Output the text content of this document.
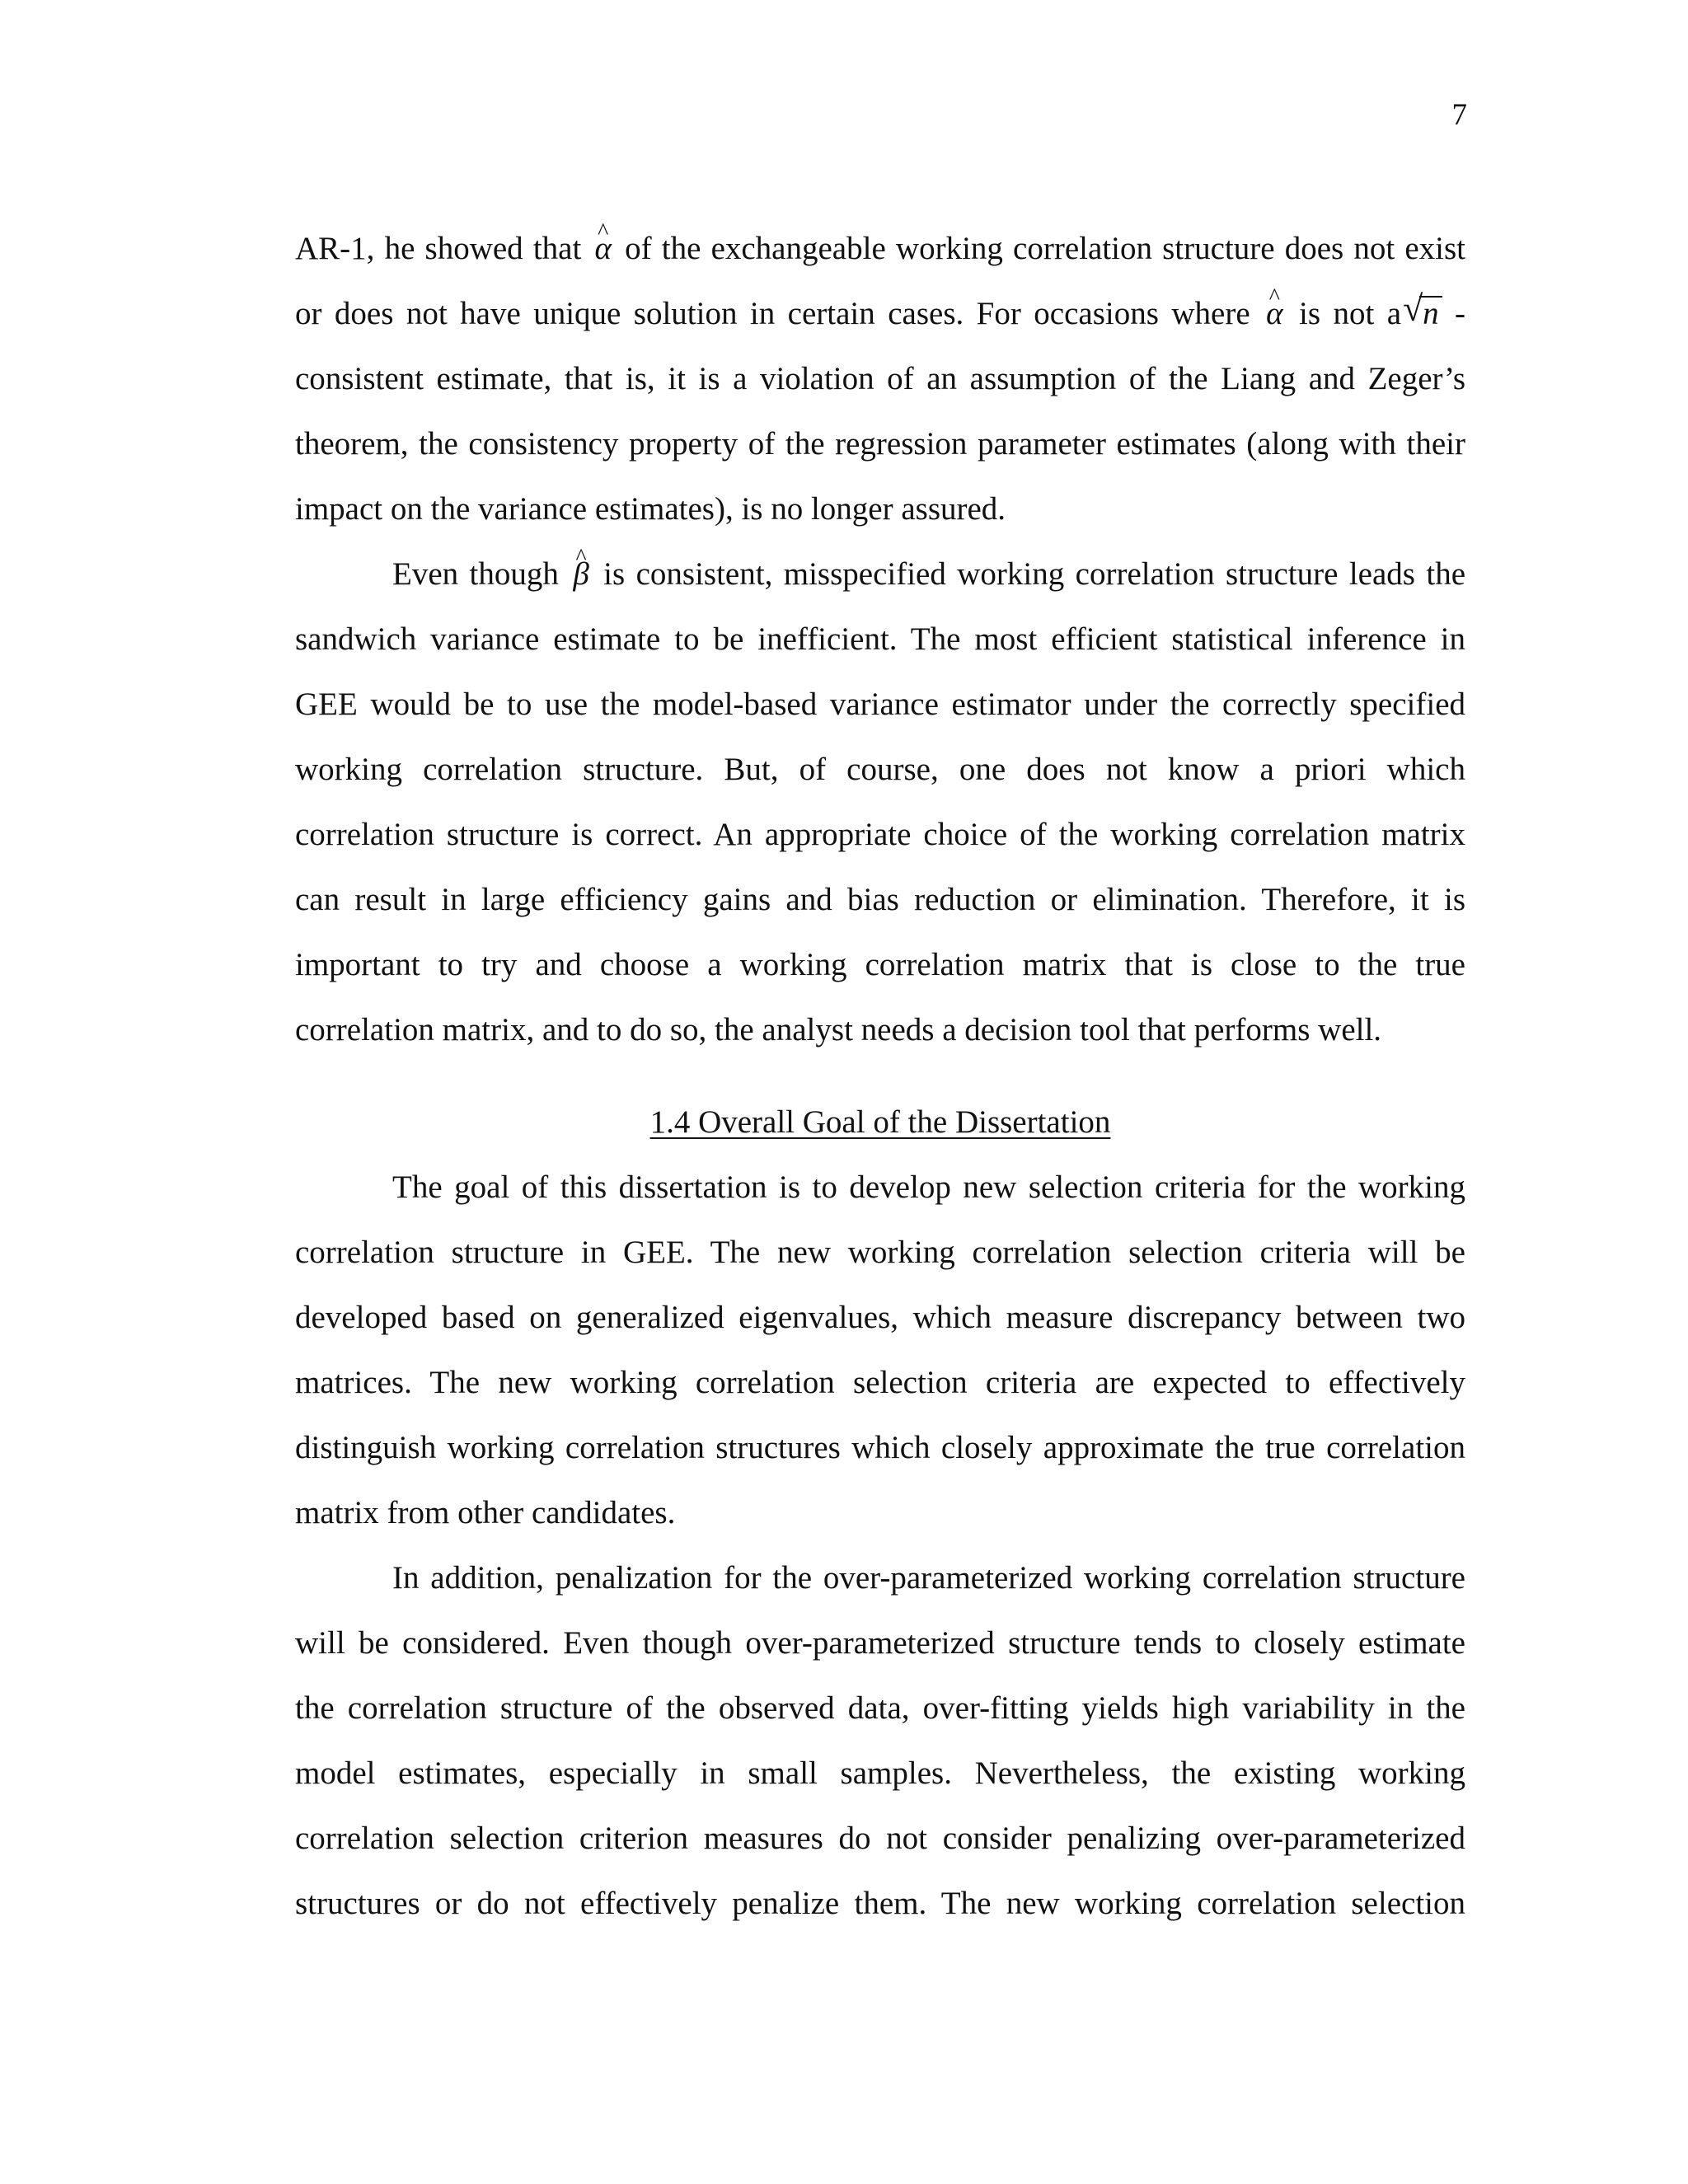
7
AR-1, he showed that ^ α of the exchangeable working correlation structure does not exist
or does not have unique solution in certain cases. For occasions where ^ α is not a √ n -
consistent estimate, that is, it is a violation of an assumption of the Liang and Zeger’s
theorem, the consistency property of the regression parameter estimates (along with their
impact on the variance estimates), is no longer assured.
Even though ^ β is consistent, misspecified working correlation structure leads the
sandwich variance estimate to be inefficient. The most efficient statistical inference in
GEE would be to use the model-based variance estimator under the correctly specified
working correlation structure. But, of course, one does not know a priori which
correlation structure is correct. An appropriate choice of the working correlation matrix
can result in large efficiency gains and bias reduction or elimination. Therefore, it is
important to try and choose a working correlation matrix that is close to the true
correlation matrix, and to do so, the analyst needs a decision tool that performs well.
1.4 Overall Goal of the Dissertation
The goal of this dissertation is to develop new selection criteria for the working
correlation structure in GEE. The new working correlation selection criteria will be
developed based on generalized eigenvalues, which measure discrepancy between two
matrices. The new working correlation selection criteria are expected to effectively
distinguish working correlation structures which closely approximate the true correlation
matrix from other candidates.
In addition, penalization for the over-parameterized working correlation structure
will be considered. Even though over-parameterized structure tends to closely estimate
the correlation structure of the observed data, over-fitting yields high variability in the
model estimates, especially in small samples. Nevertheless, the existing working
correlation selection criterion measures do not consider penalizing over-parameterized
structures or do not effectively penalize them. The new working correlation selection
